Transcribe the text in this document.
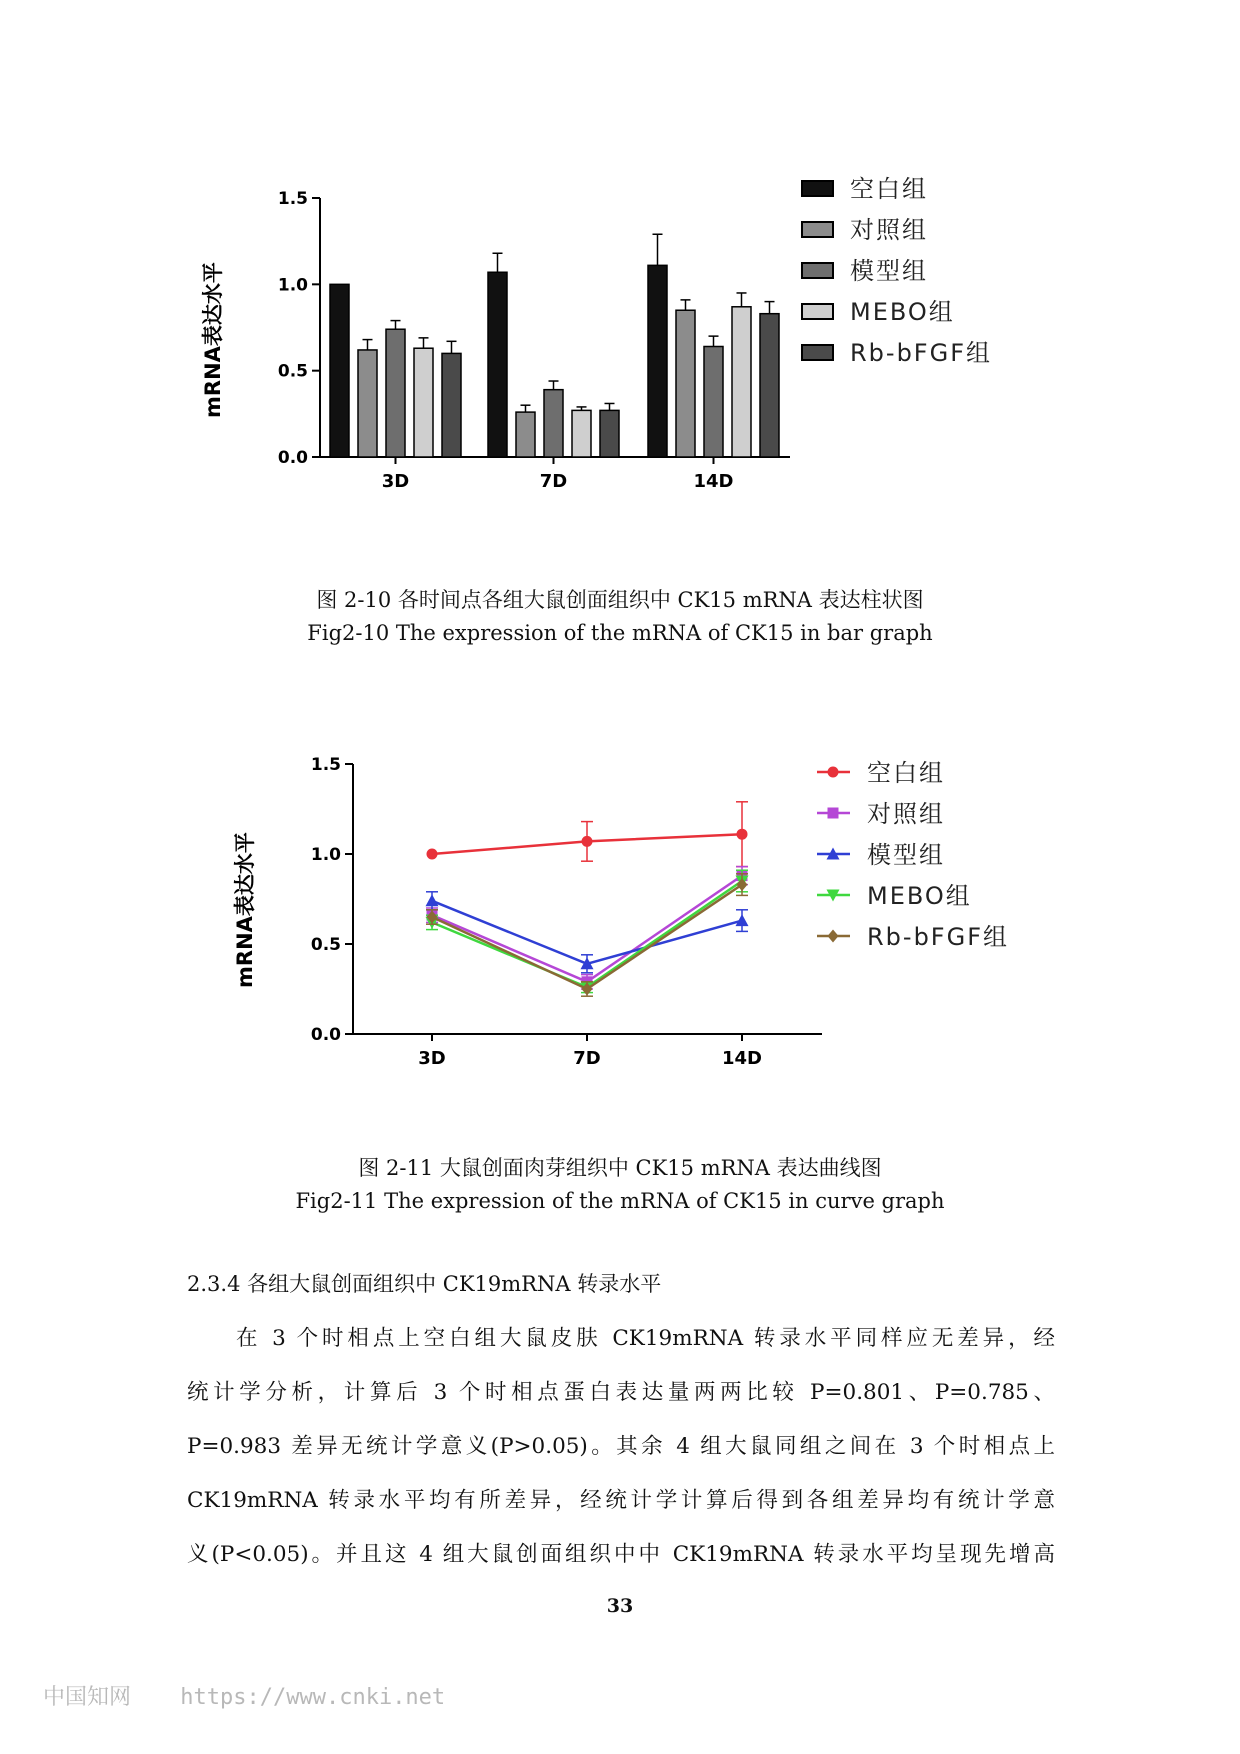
0.0
0.5
1.0
1.5
3D	7D	14D
mRNA表达水平
空白组
对照组
模型组
MEBO组
Rb-bFGF组
图 2-10 各时间点各组大鼠创面组织中 CK15 mRNA 表达柱状图
Fig2-10 The expression of the mRNA of CK15 in bar graph
0.0
0.5
1.0
1.5
3D	7D	14D
mRNA表达水平
空白组
对照组
模型组
MEBO组
Rb-bFGF组
图 2-11 大鼠创面肉芽组织中 CK15 mRNA 表达曲线图
Fig2-11 The expression of the mRNA of CK15 in curve graph
2.3.4 各组大鼠创面组织中 CK19mRNA 转录水平
在 3 个时相点上空白组大鼠皮肤 CK19mRNA 转录水平同样应无差异，经
统计学分析，计算后 3 个时相点蛋白表达量两两比较 P=0.801、P=0.785、
P=0.983 差异无统计学意义(P>0.05)。其余 4 组大鼠同组之间在 3 个时相点上
CK19mRNA 转录水平均有所差异，经统计学计算后得到各组差异均有统计学意
义(P<0.05)。并且这 4 组大鼠创面组织中中 CK19mRNA 转录水平均呈现先增高
33
中国知网 https://www.cnki.net
